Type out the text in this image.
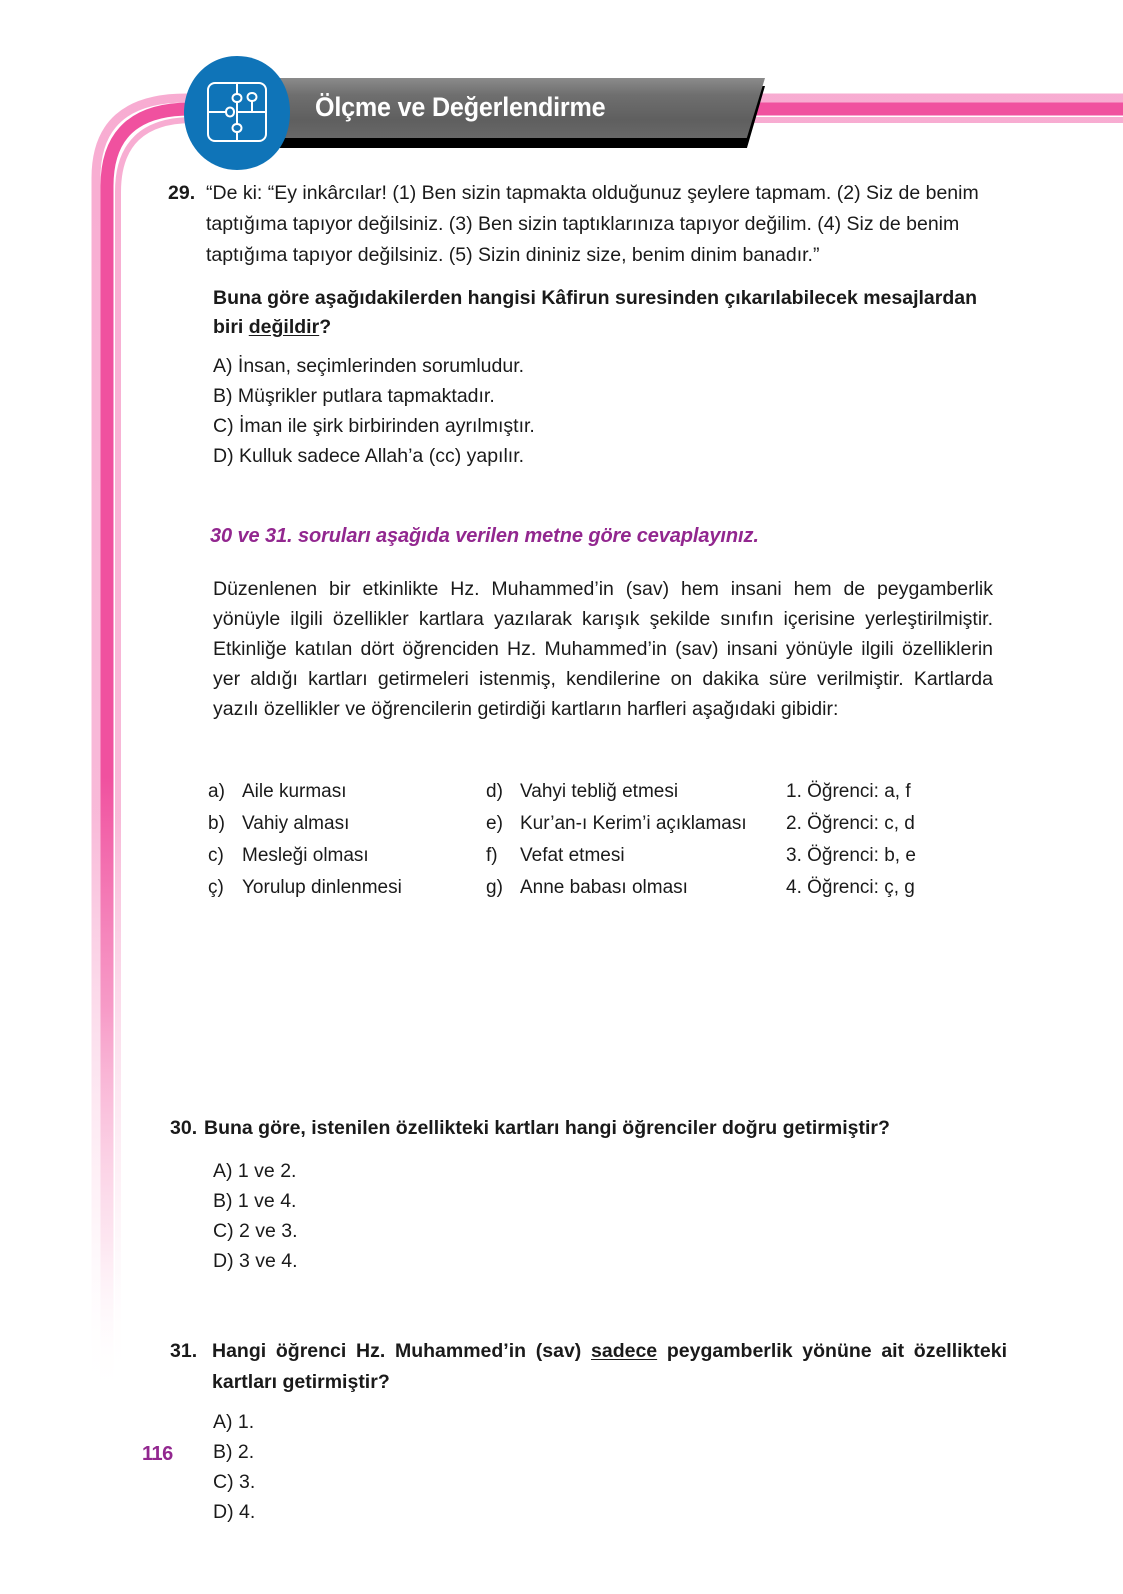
Ölçme ve Değerlendirme
29. “De ki: “Ey inkârcılar! (1) Ben sizin tapmakta olduğunuz şeylere tapmam. (2) Siz de benim taptığıma tapıyor değilsiniz. (3) Ben sizin taptıklarınıza tapıyor değilim. (4) Siz de benim taptığıma tapıyor değilsiniz. (5) Sizin dininiz size, benim dinim banadır.”
Buna göre aşağıdakilerden hangisi Kâfirun suresinden çıkarılabilecek mesajlardan biri değildir?
A) İnsan, seçimlerinden sorumludur.
B) Müşrikler putlara tapmaktadır.
C) İman ile şirk birbirinden ayrılmıştır.
D) Kulluk sadece Allah’a (cc) yapılır.
30 ve 31. soruları aşağıda verilen metne göre cevaplayınız.
Düzenlenen bir etkinlikte Hz. Muhammed’in (sav) hem insani hem de peygamberlik yönüyle ilgili özellikler kartlara yazılarak karışık şekilde sınıfın içerisine yerleştirilmiştir. Etkinliğe katılan dört öğrenciden Hz. Muhammed’in (sav) insani yönüyle ilgili özelliklerin yer aldığı kartları getirmeleri istenmiş, kendilerine on dakika süre verilmiştir. Kartlarda yazılı özellikler ve öğrencilerin getirdiği kartların harfleri aşağıdaki gibidir:
a) Aile kurması	d) Vahyi tebliğ etmesi	1. Öğrenci: a, f
b) Vahiy alması	e) Kur’an-ı Kerim’i açıklaması 2. Öğrenci: c, d
c) Mesleği olması	f)	Vefat etmesi	3. Öğrenci: b, e
ç) Yorulup dinlenmesi	g) Anne babası olması	4. Öğrenci: ç, g
30. Buna göre, istenilen özellikteki kartları hangi öğrenciler doğru getirmiştir?
A) 1 ve 2.
B) 1 ve 4.
C) 2 ve 3.
D) 3 ve 4.
31. Hangi öğrenci Hz. Muhammed’in (sav) sadece peygamberlik yönüne ait özellikteki kartları getirmiştir?
A) 1.
B) 2.
C) 3.
D) 4.
116
